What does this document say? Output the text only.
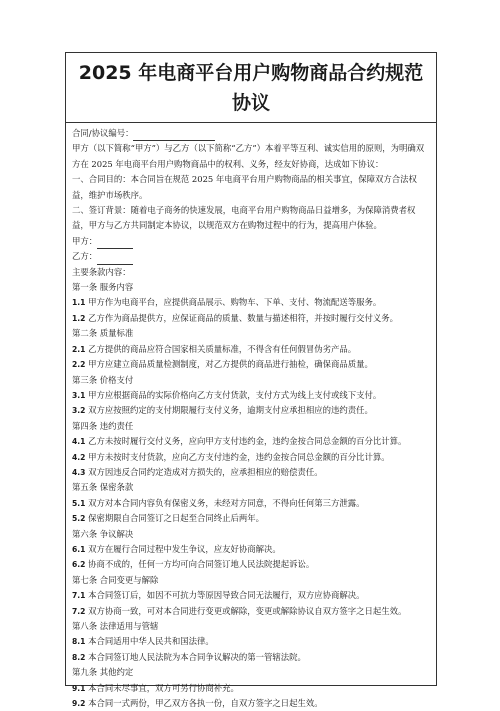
2025 年电商平台用户购物商品合约规范协议

合同/协议编号：

甲方（以下简称“甲方”）与乙方（以下简称“乙方”）本着平等互利、诚实信用的原则，为明确双方在 2025 年电商平台用户购物商品中的权利、义务，经友好协商，达成如下协议：

一、合同目的：本合同旨在规范 2025 年电商平台用户购物商品的相关事宜，保障双方合法权益，维护市场秩序。

二、签订背景：随着电子商务的快速发展，电商平台用户购物商品日益增多，为保障消费者权益，甲方与乙方共同制定本协议，以规范双方在购物过程中的行为，提高用户体验。

甲方：

乙方：

主要条款内容：

第一条 服务内容

1.1 甲方作为电商平台，应提供商品展示、购物车、下单、支付、物流配送等服务。

1.2 乙方作为商品提供方，应保证商品的质量、数量与描述相符，并按时履行交付义务。

第二条 质量标准

2.1 乙方提供的商品应符合国家相关质量标准，不得含有任何假冒伪劣产品。

2.2 甲方应建立商品质量检测制度，对乙方提供的商品进行抽检，确保商品质量。

第三条 价格支付

3.1 甲方应根据商品的实际价格向乙方支付货款，支付方式为线上支付或线下支付。

3.2 双方应按照约定的支付期限履行支付义务，逾期支付应承担相应的违约责任。

第四条 违约责任

4.1 乙方未按时履行交付义务，应向甲方支付违约金，违约金按合同总金额的百分比计算。

4.2 甲方未按时支付货款，应向乙方支付违约金，违约金按合同总金额的百分比计算。

4.3 双方因违反合同约定造成对方损失的，应承担相应的赔偿责任。

第五条 保密条款

5.1 双方对本合同内容负有保密义务，未经对方同意，不得向任何第三方泄露。

5.2 保密期限自合同签订之日起至合同终止后两年。

第六条 争议解决

6.1 双方在履行合同过程中发生争议，应友好协商解决。

6.2 协商不成的，任何一方均可向合同签订地人民法院提起诉讼。

第七条 合同变更与解除

7.1 本合同签订后，如因不可抗力等原因导致合同无法履行，双方应协商解决。

7.2 双方协商一致，可对本合同进行变更或解除，变更或解除协议自双方签字之日起生效。

第八条 法律适用与管辖

8.1 本合同适用中华人民共和国法律。

8.2 本合同签订地人民法院为本合同争议解决的第一管辖法院。

第九条 其他约定

9.1 本合同未尽事宜，双方可另行协商补充。

9.2 本合同一式两份，甲乙双方各执一份，自双方签字之日起生效。
